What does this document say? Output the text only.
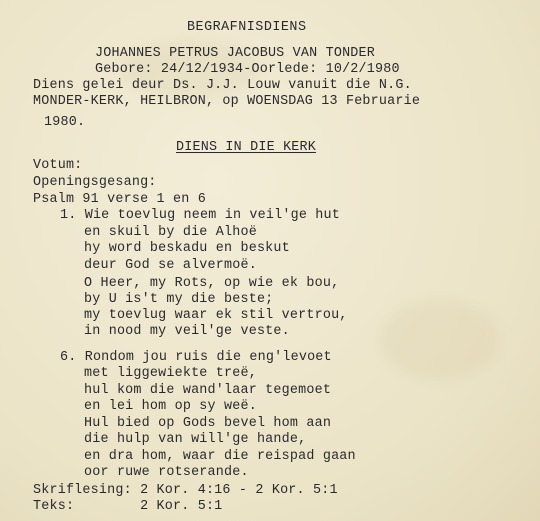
BEGRAFNISDIENS
JOHANNES PETRUS JACOBUS VAN TONDER
Gebore: 24/12/1934-Oorlede: 10/2/1980
Diens gelei deur Ds. J.J. Louw vanuit die N.G.
MONDER-KERK, HEILBRON, op WOENSDAG 13 Februarie
1980.
DIENS IN DIE KERK
Votum:
Openingsgesang:
Psalm 91 verse 1 en 6
1. Wie toevlug neem in veil'ge hut
en skuil by die Alhoë
hy word beskadu en beskut
deur God se alvermoë.
O Heer, my Rots, op wie ek bou,
by U is't my die beste;
my toevlug waar ek stil vertrou,
in nood my veil'ge veste.
6. Rondom jou ruis die eng'levoet
met liggewiekte treë,
hul kom die wand'laar tegemoet
en lei hom op sy weë.
Hul bied op Gods bevel hom aan
die hulp van will'ge hande,
en dra hom, waar die reispad gaan
oor ruwe rotserande.
Skriflesing: 2 Kor. 4:16 - 2 Kor. 5:1
Teks:        2 Kor. 5:1
